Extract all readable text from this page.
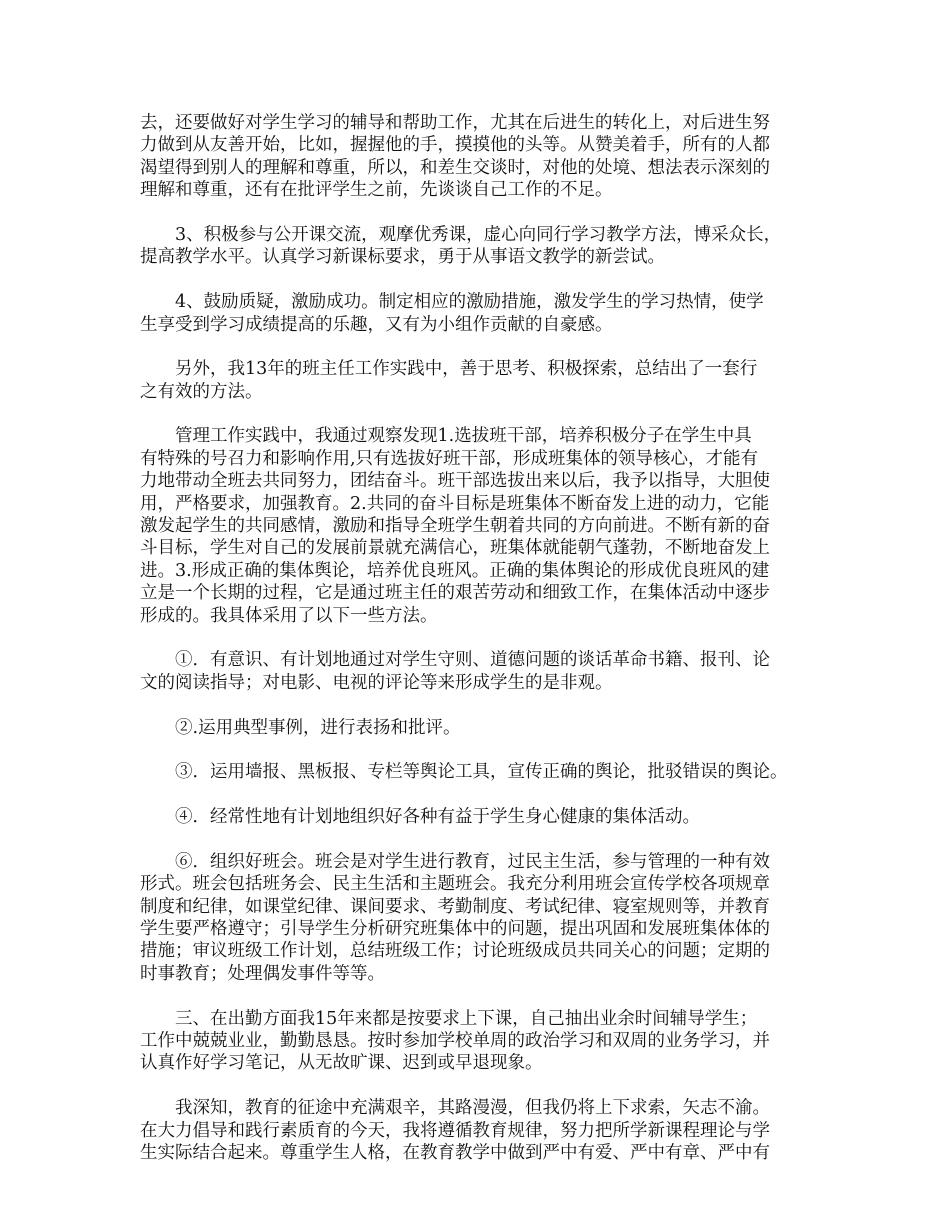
去，还要做好对学生学习的辅导和帮助工作，尤其在后进生的转化上，对后进生努
力做到从友善开始，比如，握握他的手，摸摸他的头等。从赞美着手，所有的人都
渴望得到别人的理解和尊重，所以，和差生交谈时，对他的处境、想法表示深刻的
理解和尊重，还有在批评学生之前，先谈谈自己工作的不足。
3、积极参与公开课交流，观摩优秀课，虚心向同行学习教学方法，博采众长，
提高教学水平。认真学习新课标要求，勇于从事语文教学的新尝试。
4、鼓励质疑，激励成功。制定相应的激励措施，激发学生的学习热情，使学
生享受到学习成绩提高的乐趣，又有为小组作贡献的自豪感。
另外，我13年的班主任工作实践中，善于思考、积极探索，总结出了一套行
之有效的方法。
管理工作实践中，我通过观察发现1.选拔班干部，培养积极分子在学生中具
有特殊的号召力和影响作用,只有选拔好班干部，形成班集体的领导核心，才能有
力地带动全班去共同努力，团结奋斗。班干部选拔出来以后，我予以指导，大胆使
用，严格要求，加强教育。2.共同的奋斗目标是班集体不断奋发上进的动力，它能
激发起学生的共同感情，激励和指导全班学生朝着共同的方向前进。不断有新的奋
斗目标，学生对自己的发展前景就充满信心，班集体就能朝气蓬勃，不断地奋发上
进。3.形成正确的集体舆论，培养优良班风。正确的集体舆论的形成优良班风的建
立是一个长期的过程，它是通过班主任的艰苦劳动和细致工作，在集体活动中逐步
形成的。我具体采用了以下一些方法。
①．有意识、有计划地通过对学生守则、道德问题的谈话革命书籍、报刊、论
文的阅读指导；对电影、电视的评论等来形成学生的是非观。
②.运用典型事例，进行表扬和批评。
③．运用墙报、黑板报、专栏等舆论工具，宣传正确的舆论，批驳错误的舆论。
④．经常性地有计划地组织好各种有益于学生身心健康的集体活动。
⑥．组织好班会。班会是对学生进行教育，过民主生活，参与管理的一种有效
形式。班会包括班务会、民主生活和主题班会。我充分利用班会宣传学校各项规章
制度和纪律，如课堂纪律、课间要求、考勤制度、考试纪律、寝室规则等，并教育
学生要严格遵守；引导学生分析研究班集体中的问题，提出巩固和发展班集体体的
措施；审议班级工作计划，总结班级工作；讨论班级成员共同关心的问题；定期的
时事教育；处理偶发事件等等。
三、在出勤方面我15年来都是按要求上下课，自己抽出业余时间辅导学生；
工作中兢兢业业，勤勤恳恳。按时参加学校单周的政治学习和双周的业务学习，并
认真作好学习笔记，从无故旷课、迟到或早退现象。
我深知，教育的征途中充满艰辛，其路漫漫，但我仍将上下求索，矢志不渝。
在大力倡导和践行素质育的今天，我将遵循教育规律，努力把所学新课程理论与学
生实际结合起来。尊重学生人格，在教育教学中做到严中有爱、严中有章、严中有
